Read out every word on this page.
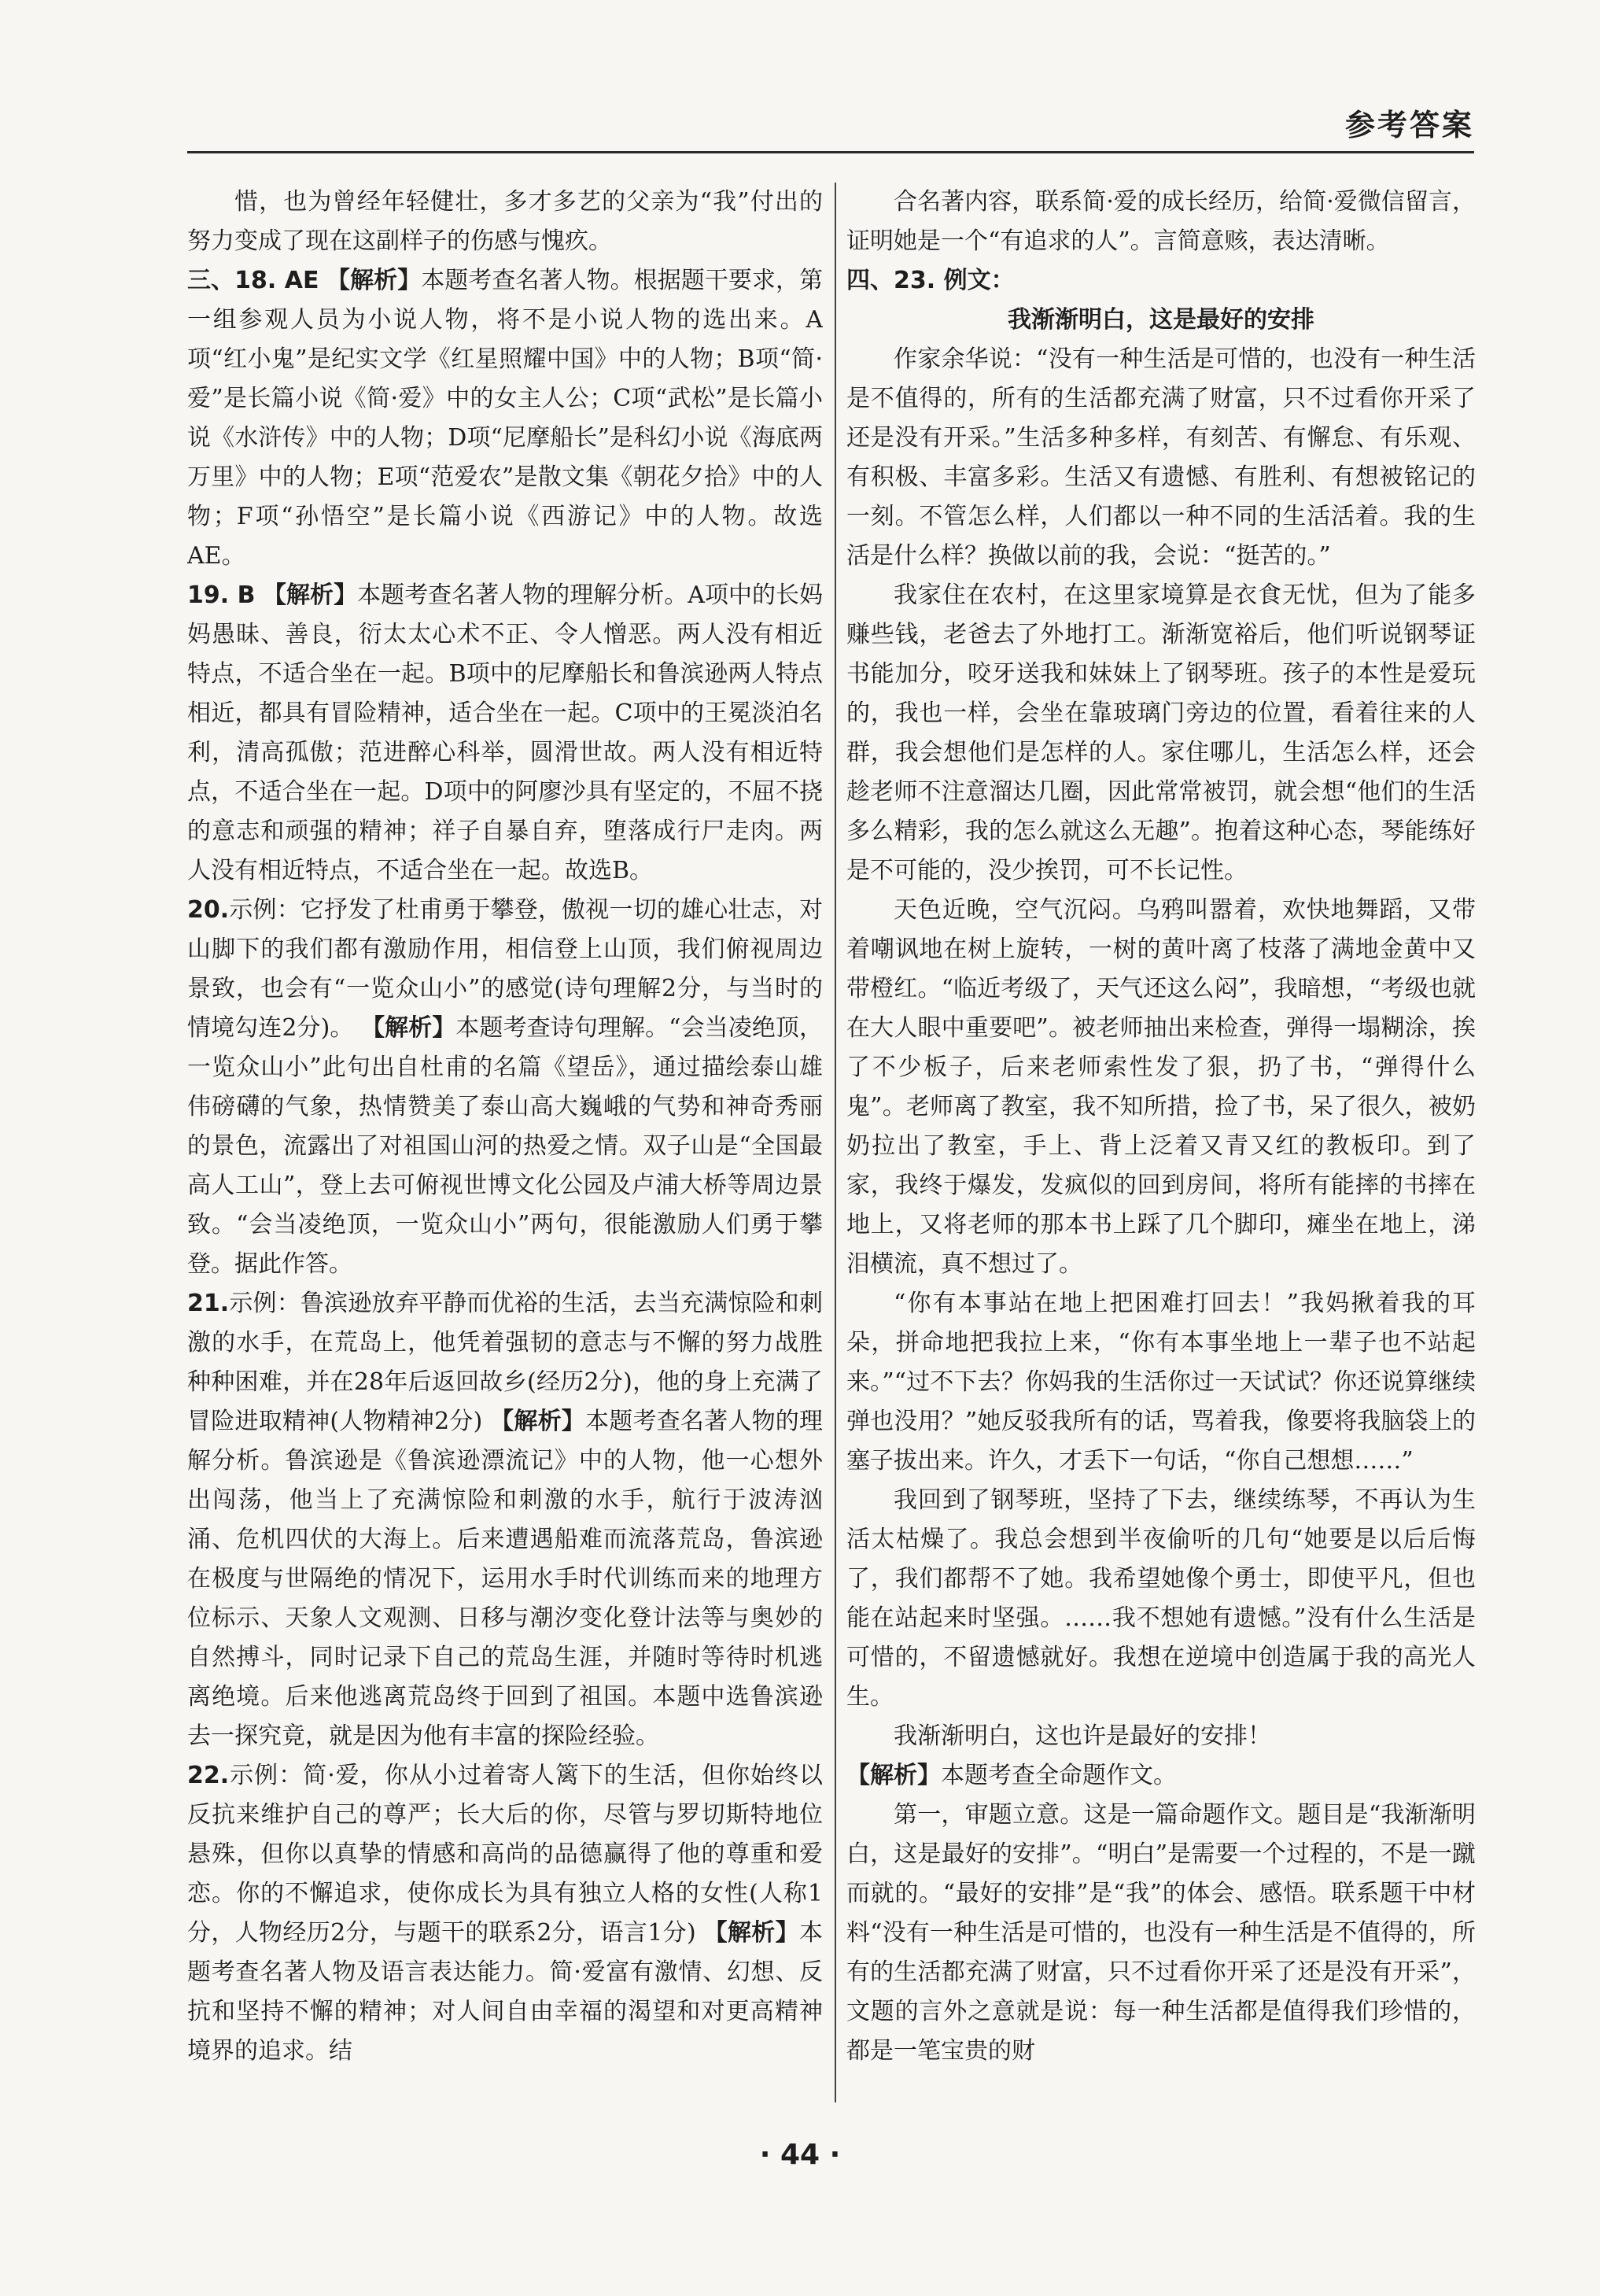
参考答案

惜，也为曾经年轻健壮，多才多艺的父亲为“我”付出的努力变成了现在这副样子的伤感与愧疚。

三、18. AE 【解析】本题考查名著人物。根据题干要求，第一组参观人员为小说人物，将不是小说人物的选出来。A项“红小鬼”是纪实文学《红星照耀中国》中的人物；B项“简·爱”是长篇小说《简·爱》中的女主人公；C项“武松”是长篇小说《水浒传》中的人物；D项“尼摩船长”是科幻小说《海底两万里》中的人物；E项“范爱农”是散文集《朝花夕拾》中的人物；F项“孙悟空”是长篇小说《西游记》中的人物。故选AE。

19. B 【解析】本题考查名著人物的理解分析。A项中的长妈妈愚昧、善良，衍太太心术不正、令人憎恶。两人没有相近特点，不适合坐在一起。B项中的尼摩船长和鲁滨逊两人特点相近，都具有冒险精神，适合坐在一起。C项中的王冕淡泊名利，清高孤傲；范进醉心科举，圆滑世故。两人没有相近特点，不适合坐在一起。D项中的阿廖沙具有坚定的，不屈不挠的意志和顽强的精神；祥子自暴自弃，堕落成行尸走肉。两人没有相近特点，不适合坐在一起。故选B。

20.示例：它抒发了杜甫勇于攀登，傲视一切的雄心壮志，对山脚下的我们都有激励作用，相信登上山顶，我们俯视周边景致，也会有“一览众山小”的感觉(诗句理解2分，与当时的情境勾连2分)。 【解析】本题考查诗句理解。“会当凌绝顶，一览众山小”此句出自杜甫的名篇《望岳》，通过描绘泰山雄伟磅礴的气象，热情赞美了泰山高大巍峨的气势和神奇秀丽的景色，流露出了对祖国山河的热爱之情。双子山是“全国最高人工山”，登上去可俯视世博文化公园及卢浦大桥等周边景致。“会当凌绝顶，一览众山小”两句，很能激励人们勇于攀登。据此作答。

21.示例：鲁滨逊放弃平静而优裕的生活，去当充满惊险和刺激的水手，在荒岛上，他凭着强韧的意志与不懈的努力战胜种种困难，并在28年后返回故乡(经历2分)，他的身上充满了冒险进取精神(人物精神2分) 【解析】本题考查名著人物的理解分析。鲁滨逊是《鲁滨逊漂流记》中的人物，他一心想外出闯荡，他当上了充满惊险和刺激的水手，航行于波涛汹涌、危机四伏的大海上。后来遭遇船难而流落荒岛，鲁滨逊在极度与世隔绝的情况下，运用水手时代训练而来的地理方位标示、天象人文观测、日移与潮汐变化登计法等与奥妙的自然搏斗，同时记录下自己的荒岛生涯，并随时等待时机逃离绝境。后来他逃离荒岛终于回到了祖国。本题中选鲁滨逊去一探究竟，就是因为他有丰富的探险经验。

22.示例：简·爱，你从小过着寄人篱下的生活，但你始终以反抗来维护自己的尊严；长大后的你，尽管与罗切斯特地位悬殊，但你以真挚的情感和高尚的品德赢得了他的尊重和爱恋。你的不懈追求，使你成长为具有独立人格的女性(人称1分，人物经历2分，与题干的联系2分，语言1分) 【解析】本题考查名著人物及语言表达能力。简·爱富有激情、幻想、反抗和坚持不懈的精神；对人间自由幸福的渴望和对更高精神境界的追求。结

合名著内容，联系简·爱的成长经历，给简·爱微信留言，证明她是一个“有追求的人”。言简意赅，表达清晰。

四、23. 例文：

我渐渐明白，这是最好的安排

作家余华说：“没有一种生活是可惜的，也没有一种生活是不值得的，所有的生活都充满了财富，只不过看你开采了还是没有开采。”生活多种多样，有刻苦、有懈怠、有乐观、有积极、丰富多彩。生活又有遗憾、有胜利、有想被铭记的一刻。不管怎么样，人们都以一种不同的生活活着。我的生活是什么样？换做以前的我，会说：“挺苦的。”

我家住在农村，在这里家境算是衣食无忧，但为了能多赚些钱，老爸去了外地打工。渐渐宽裕后，他们听说钢琴证书能加分，咬牙送我和妹妹上了钢琴班。孩子的本性是爱玩的，我也一样，会坐在靠玻璃门旁边的位置，看着往来的人群，我会想他们是怎样的人。家住哪儿，生活怎么样，还会趁老师不注意溜达几圈，因此常常被罚，就会想“他们的生活多么精彩，我的怎么就这么无趣”。抱着这种心态，琴能练好是不可能的，没少挨罚，可不长记性。

天色近晚，空气沉闷。乌鸦叫嚣着，欢快地舞蹈，又带着嘲讽地在树上旋转，一树的黄叶离了枝落了满地金黄中又带橙红。“临近考级了，天气还这么闷”，我暗想，“考级也就在大人眼中重要吧”。被老师抽出来检查，弹得一塌糊涂，挨了不少板子，后来老师索性发了狠，扔了书，“弹得什么鬼”。老师离了教室，我不知所措，捡了书，呆了很久，被奶奶拉出了教室，手上、背上泛着又青又红的教板印。到了家，我终于爆发，发疯似的回到房间，将所有能摔的书摔在地上，又将老师的那本书上踩了几个脚印，瘫坐在地上，涕泪横流，真不想过了。

“你有本事站在地上把困难打回去！”我妈揪着我的耳朵，拼命地把我拉上来，“你有本事坐地上一辈子也不站起来。”“过不下去？你妈我的生活你过一天试试？你还说算继续弹也没用？”她反驳我所有的话，骂着我，像要将我脑袋上的塞子拔出来。许久，才丢下一句话，“你自己想想……”

我回到了钢琴班，坚持了下去，继续练琴，不再认为生活太枯燥了。我总会想到半夜偷听的几句“她要是以后后悔了，我们都帮不了她。我希望她像个勇士，即使平凡，但也能在站起来时坚强。……我不想她有遗憾。”没有什么生活是可惜的，不留遗憾就好。我想在逆境中创造属于我的高光人生。

我渐渐明白，这也许是最好的安排！

【解析】本题考查全命题作文。

第一，审题立意。这是一篇命题作文。题目是“我渐渐明白，这是最好的安排”。“明白”是需要一个过程的，不是一蹴而就的。“最好的安排”是“我”的体会、感悟。联系题干中材料“没有一种生活是可惜的，也没有一种生活是不值得的，所有的生活都充满了财富，只不过看你开采了还是没有开采”，文题的言外之意就是说：每一种生活都是值得我们珍惜的，都是一笔宝贵的财

· 44 ·
